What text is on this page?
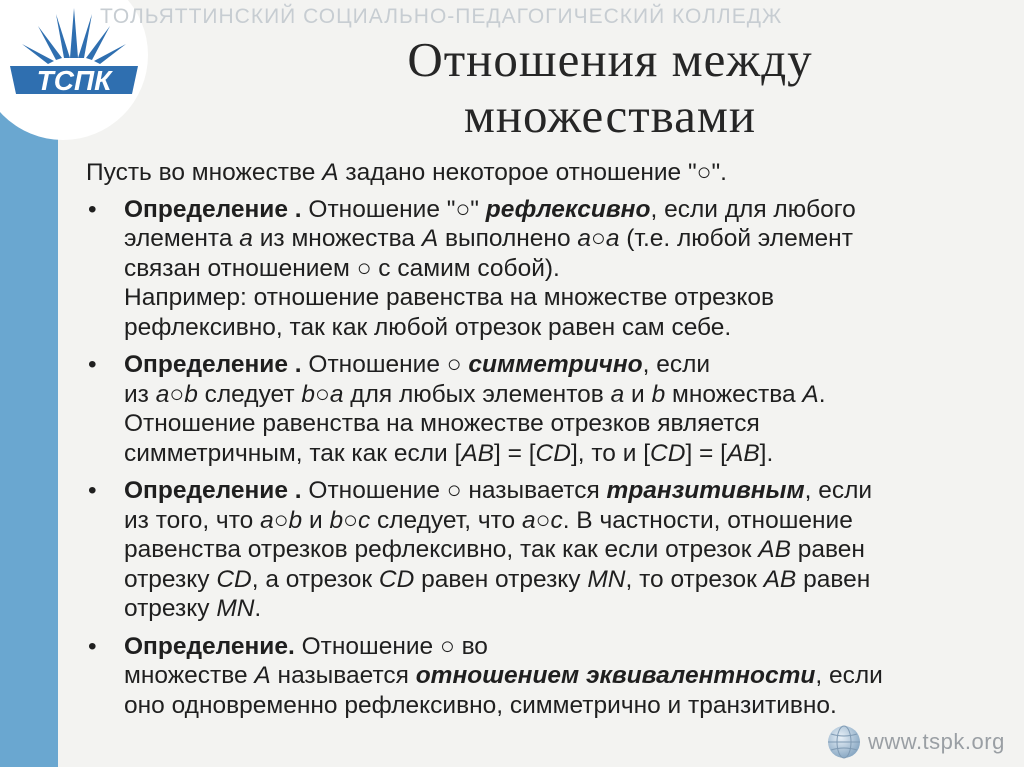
ТСПК
ТОЛЬЯТТИНСКИЙ СОЦИАЛЬНО-ПЕДАГОГИЧЕСКИЙ КОЛЛЕДЖ
Отношения между множествами

Пусть во множестве А задано некоторое отношение "○".

• Определение . Отношение "○" рефлексивно, если для любого
элемента а из множества А выполнено а○а (т.е. любой элемент
связан отношением ○ с самим собой).
Например: отношение равенства на множестве отрезков
рефлексивно, так как любой отрезок равен сам себе.
• Определение . Отношение ○ симметрично, если
из a○b следует b○a для любых элементов a и b множества А.
Отношение равенства на множестве отрезков является
симметричным, так как если [АВ] = [CD], то и [CD] = [АВ].
• Определение . Отношение ○ называется транзитивным, если
из того, что a○b и b○c следует, что a○c. В частности, отношение
равенства отрезков рефлексивно, так как если отрезок АВ равен
отрезку CD, а отрезок CD равен отрезку MN, то отрезок АВ равен
отрезку MN.
• Определение. Отношение ○ во
множестве А называется отношением эквивалентности, если
оно одновременно рефлексивно, симметрично и транзитивно.
www.tspk.org
